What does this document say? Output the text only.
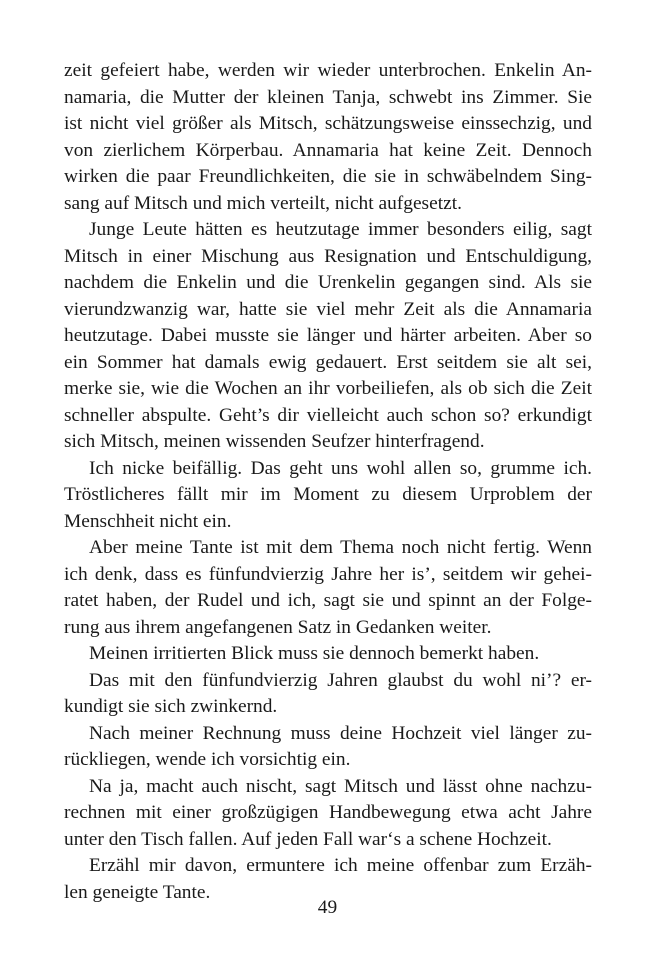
zeit gefeiert habe, werden wir wieder unterbrochen. Enkelin An-
namaria, die Mutter der kleinen Tanja, schwebt ins Zimmer. Sie
ist nicht viel größer als Mitsch, schätzungsweise einssechzig, und
von zierlichem Körperbau. Annamaria hat keine Zeit. Dennoch
wirken die paar Freundlichkeiten, die sie in schwäbelndem Sing-
sang auf Mitsch und mich verteilt, nicht aufgesetzt.
Junge Leute hätten es heutzutage immer besonders eilig, sagt
Mitsch in einer Mischung aus Resignation und Entschuldigung,
nachdem die Enkelin und die Urenkelin gegangen sind. Als sie
vierundzwanzig war, hatte sie viel mehr Zeit als die Annamaria
heutzutage. Dabei musste sie länger und härter arbeiten. Aber so
ein Sommer hat damals ewig gedauert. Erst seitdem sie alt sei,
merke sie, wie die Wochen an ihr vorbeiliefen, als ob sich die Zeit
schneller abspulte. Geht’s dir vielleicht auch schon so? erkundigt
sich Mitsch, meinen wissenden Seufzer hinterfragend.
Ich nicke beifällig. Das geht uns wohl allen so, grumme ich.
Tröstlicheres fällt mir im Moment zu diesem Urproblem der
Menschheit nicht ein.
Aber meine Tante ist mit dem Thema noch nicht fertig. Wenn
ich denk, dass es fünfundvierzig Jahre her is’, seitdem wir gehei-
ratet haben, der Rudel und ich, sagt sie und spinnt an der Folge-
rung aus ihrem angefangenen Satz in Gedanken weiter.
Meinen irritierten Blick muss sie dennoch bemerkt haben.
Das mit den fünfundvierzig Jahren glaubst du wohl ni’? er-
kundigt sie sich zwinkernd.
Nach meiner Rechnung muss deine Hochzeit viel länger zu-
rückliegen, wende ich vorsichtig ein.
Na ja, macht auch nischt, sagt Mitsch und lässt ohne nachzu-
rechnen mit einer großzügigen Handbewegung etwa acht Jahre
unter den Tisch fallen. Auf jeden Fall war‘s a schene Hochzeit.
Erzähl mir davon, ermuntere ich meine offenbar zum Erzäh-
len geneigte Tante.
49
